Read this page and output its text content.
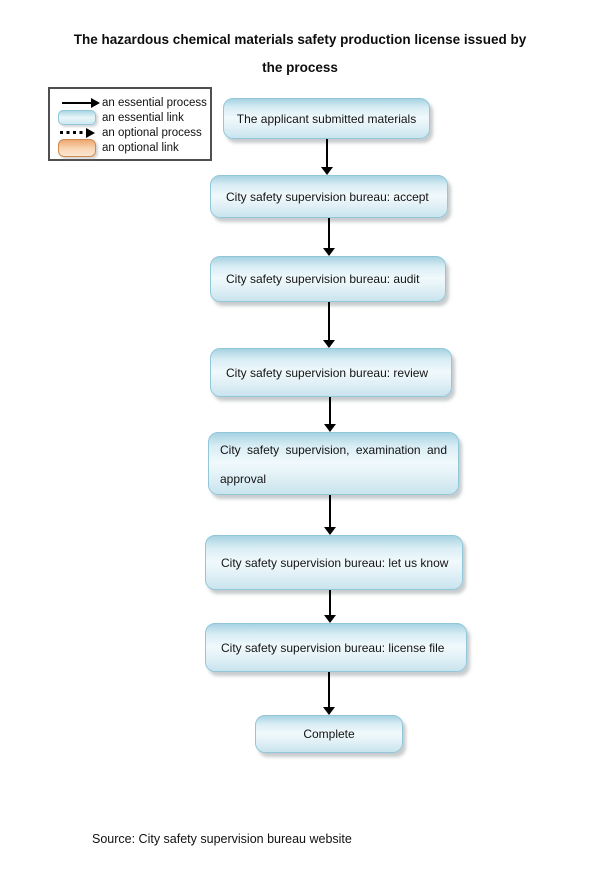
The hazardous chemical materials safety production license issued by
the process
an essential process
an essential link
an optional process
an optional link
The applicant submitted materials
City safety supervision bureau: accept
City safety supervision bureau: audit
City safety supervision bureau: review
City safety supervision, examination and
approval
City safety supervision bureau: let us know
City safety supervision bureau: license file
Complete
Source: City safety supervision bureau website
